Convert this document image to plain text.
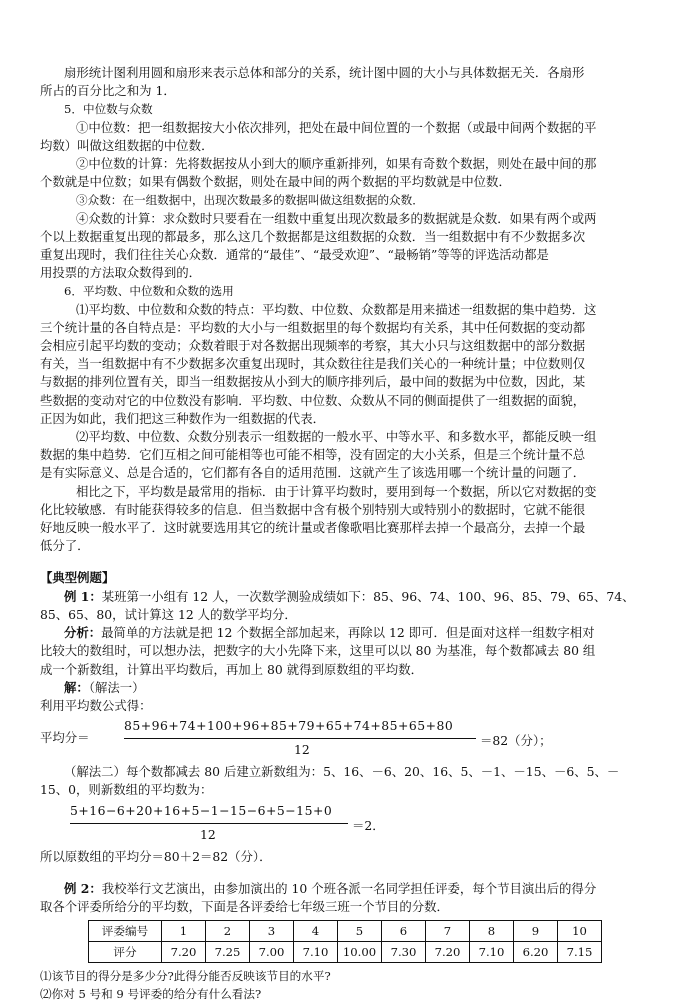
扇形统计图利用圆和扇形来表示总体和部分的关系，统计图中圆的大小与具体数据无关．各扇形

所占的百分比之和为 1．

5．中位数与众数

①中位数：把一组数据按大小依次排列，把处在最中间位置的一个数据（或最中间两个数据的平

均数）叫做这组数据的中位数．

②中位数的计算：先将数据按从小到大的顺序重新排列，如果有奇数个数据，则处在最中间的那

个数就是中位数；如果有偶数个数据，则处在最中间的两个数据的平均数就是中位数．

③众数：在一组数据中，出现次数最多的数据叫做这组数据的众数．

④众数的计算：求众数时只要看在一组数中重复出现次数最多的数据就是众数．如果有两个或两

个以上数据重复出现的都最多，那么这几个数据都是这组数据的众数．当一组数据中有不少数据多次

重复出现时，我们往往关心众数．通常的“最佳”、“最受欢迎”、“最畅销”等等的评选活动都是

用投票的方法取众数得到的．

6．平均数、中位数和众数的选用

⑴平均数、中位数和众数的特点：平均数、中位数、众数都是用来描述一组数据的集中趋势．这

三个统计量的各自特点是：平均数的大小与一组数据里的每个数据均有关系，其中任何数据的变动都

会相应引起平均数的变动；众数着眼于对各数据出现频率的考察，其大小只与这组数据中的部分数据

有关，当一组数据中有不少数据多次重复出现时，其众数往往是我们关心的一种统计量；中位数则仅

与数据的排列位置有关，即当一组数据按从小到大的顺序排列后，最中间的数据为中位数，因此，某

些数据的变动对它的中位数没有影响．平均数、中位数、众数从不同的侧面提供了一组数据的面貌，

正因为如此，我们把这三种数作为一组数据的代表．

⑵平均数、中位数、众数分别表示一组数据的一般水平、中等水平、和多数水平，都能反映一组

数据的集中趋势．它们互相之间可能相等也可能不相等，没有固定的大小关系，但是三个统计量不总

是有实际意义、总是合适的，它们都有各自的适用范围．这就产生了该选用哪一个统计量的问题了．

相比之下，平均数是最常用的指标．由于计算平均数时，要用到每一个数据，所以它对数据的变

化比较敏感．有时能获得较多的信息．但当数据中含有极个别特别大或特别小的数据时，它就不能很

好地反映一般水平了．这时就要选用其它的统计量或者像歌唱比赛那样去掉一个最高分，去掉一个最

低分了．

【典型例题】

例 1：某班第一小组有 12 人，一次数学测验成绩如下：85、96、74、100、96、85、79、65、74、

85、65、80，试计算这 12 人的数学平均分．

分析：最简单的方法就是把 12 个数据全部加起来，再除以 12 即可．但是面对这样一组数字相对

比较大的数组时，可以想办法，把数字的大小先降下来，这里可以以 80 为基准，每个数都减去 80 组

成一个新数组，计算出平均数后，再加上 80 就得到原数组的平均数．

解：（解法一）

利用平均数公式得：

平均分＝
85+96+74+100+96+85+79+65+74+85+65+80
12
＝82（分）；

（解法二）每个数都减去 80 后建立新数组为：5、16、－6、20、16、5、－1、－15、－6、5、－

15、0，则新数组的平均数为：

5+16−6+20+16+5−1−15−6+5−15+0
12
＝2．

所以原数组的平均分＝80＋2＝82（分）．

例 2：我校举行文艺演出，由参加演出的 10 个班各派一名同学担任评委，每个节目演出后的得分

取各个评委所给分的平均数，下面是各评委给七年级三班一个节目的分数．

评委编号	1	2	3	4	5	6	7	8	9	10
评分	7.20	7.25	7.00	7.10	10.00	7.30	7.20	7.10	6.20	7.15

⑴该节目的得分是多少分?此得分能否反映该节目的水平?

⑵你对 5 号和 9 号评委的给分有什么看法?
